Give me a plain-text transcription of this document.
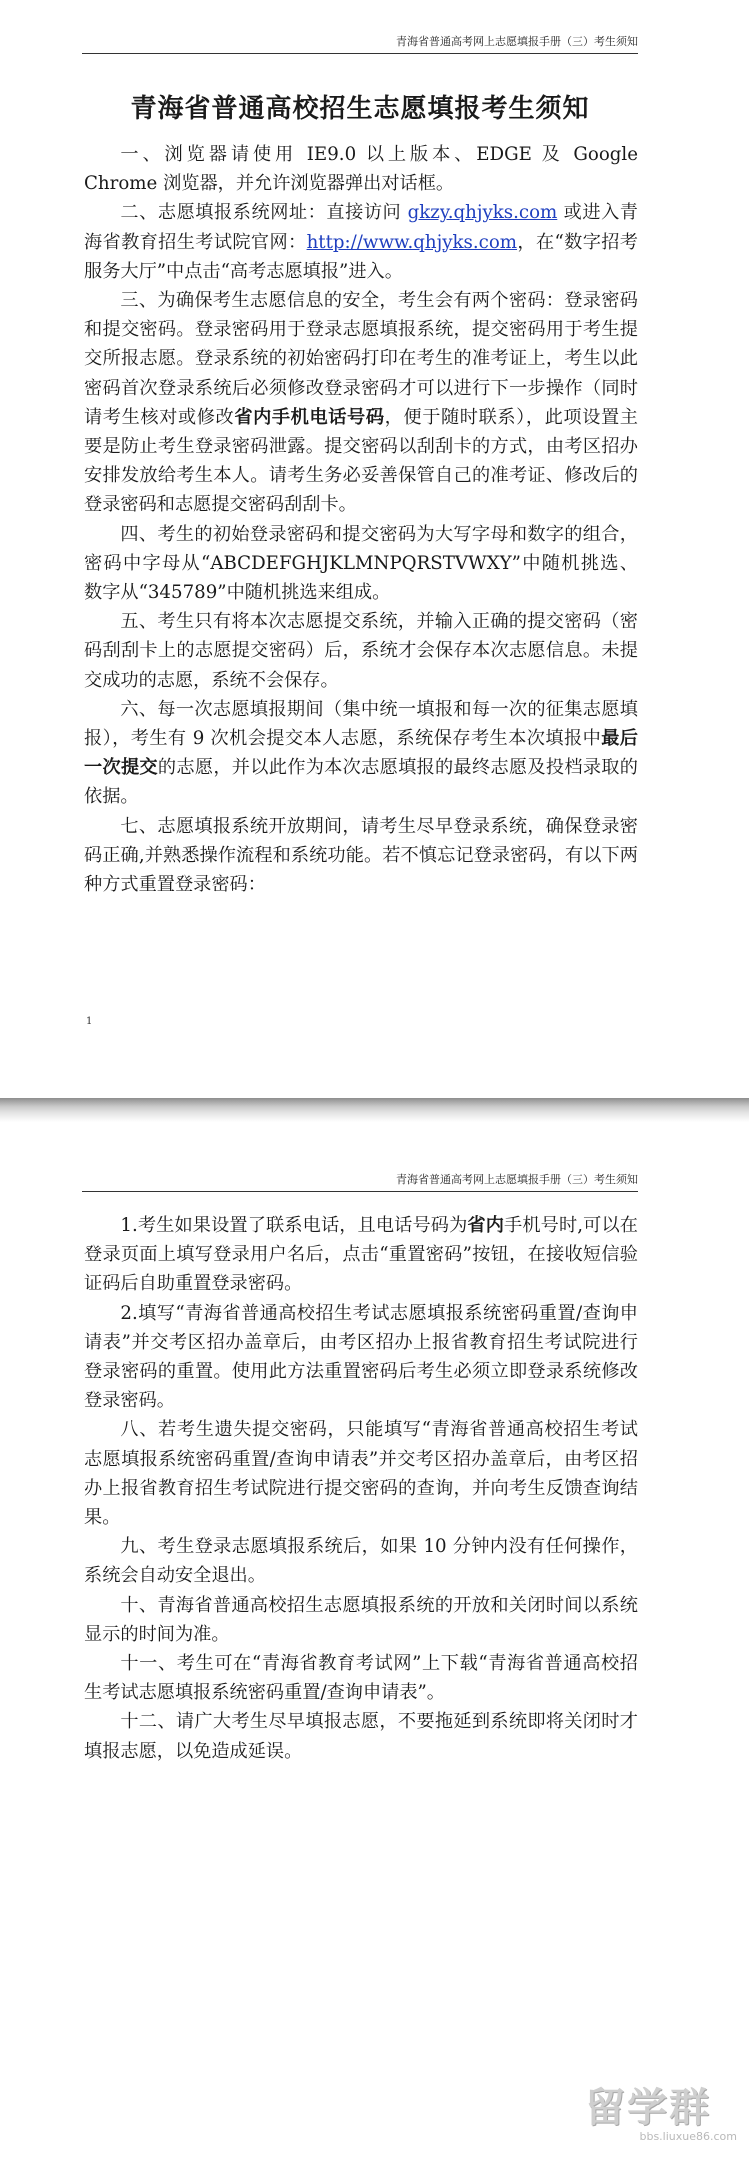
青海省普通高考网上志愿填报手册（三）考生须知
青海省普通高校招生志愿填报考生须知

一、浏览器请使用 IE9.0 以上版本、EDGE 及 Google Chrome 浏览器，并允许浏览器弹出对话框。

二、志愿填报系统网址：直接访问 gkzy.qhjyks.com 或进入青海省教育招生考试院官网：http://www.qhjyks.com，在“数字招考服务大厅”中点击“高考志愿填报”进入。

三、为确保考生志愿信息的安全，考生会有两个密码：登录密码和提交密码。登录密码用于登录志愿填报系统，提交密码用于考生提交所报志愿。登录系统的初始密码打印在考生的准考证上，考生以此密码首次登录系统后必须修改登录密码才可以进行下一步操作（同时请考生核对或修改省内手机电话号码，便于随时联系），此项设置主要是防止考生登录密码泄露。提交密码以刮刮卡的方式，由考区招办安排发放给考生本人。请考生务必妥善保管自己的准考证、修改后的登录密码和志愿提交密码刮刮卡。

四、考生的初始登录密码和提交密码为大写字母和数字的组合，密码中字母从“ABCDEFGHJKLMNPQRSTVWXY”中随机挑选、数字从“345789”中随机挑选来组成。

五、考生只有将本次志愿提交系统，并输入正确的提交密码（密码刮刮卡上的志愿提交密码）后，系统才会保存本次志愿信息。未提交成功的志愿，系统不会保存。

六、每一次志愿填报期间（集中统一填报和每一次的征集志愿填报），考生有 9 次机会提交本人志愿，系统保存考生本次填报中最后一次提交的志愿，并以此作为本次志愿填报的最终志愿及投档录取的依据。

七、志愿填报系统开放期间，请考生尽早登录系统，确保登录密码正确,并熟悉操作流程和系统功能。若不慎忘记登录密码，有以下两种方式重置登录密码：

1
青海省普通高考网上志愿填报手册（三）考生须知

1.考生如果设置了联系电话，且电话号码为省内手机号时,可以在登录页面上填写登录用户名后，点击“重置密码”按钮，在接收短信验证码后自助重置登录密码。

2.填写“青海省普通高校招生考试志愿填报系统密码重置/查询申请表”并交考区招办盖章后，由考区招办上报省教育招生考试院进行登录密码的重置。使用此方法重置密码后考生必须立即登录系统修改登录密码。

八、若考生遗失提交密码，只能填写“青海省普通高校招生考试志愿填报系统密码重置/查询申请表”并交考区招办盖章后，由考区招办上报省教育招生考试院进行提交密码的查询，并向考生反馈查询结果。

九、考生登录志愿填报系统后，如果 10 分钟内没有任何操作，系统会自动安全退出。

十、青海省普通高校招生志愿填报系统的开放和关闭时间以系统显示的时间为准。

十一、考生可在“青海省教育考试网”上下载“青海省普通高校招生考试志愿填报系统密码重置/查询申请表”。

十二、请广大考生尽早填报志愿，不要拖延到系统即将关闭时才填报志愿，以免造成延误。

留学群
bbs.liuxue86.com
